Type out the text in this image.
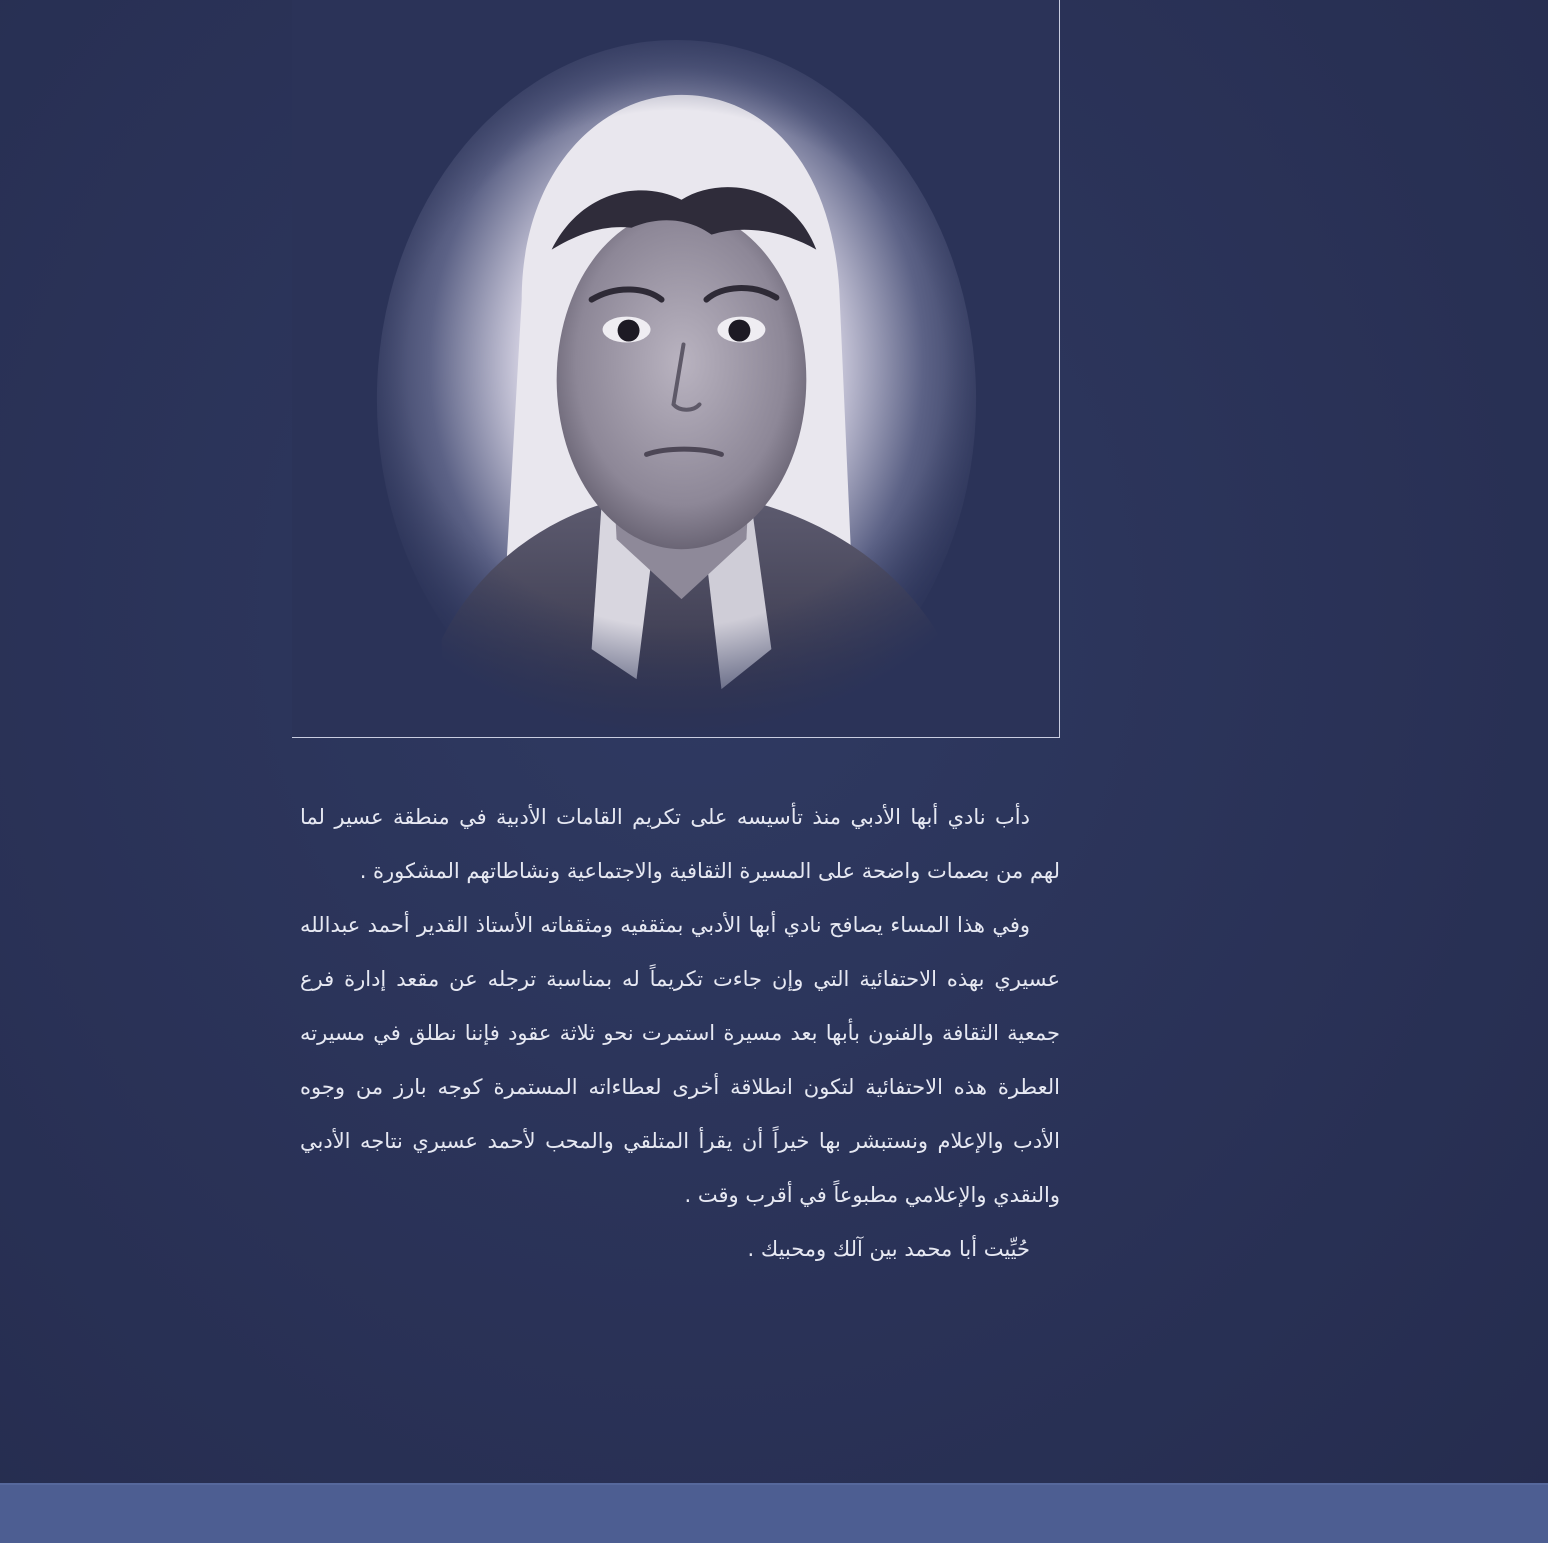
دأب نادي أبها الأدبي منذ تأسيسه على تكريم القامات الأدبية في منطقة عسير لما لهم من بصمات واضحة على المسيرة الثقافية والاجتماعية ونشاطاتهم المشكورة .

وفي هذا المساء يصافح نادي أبها الأدبي بمثقفيه ومثقفاته الأستاذ القدير أحمد عبدالله عسيري بهذه الاحتفائية التي وإن جاءت تكريماً له بمناسبة ترجله عن مقعد إدارة فرع جمعية الثقافة والفنون بأبها بعد مسيرة استمرت نحو ثلاثة عقود فإننا نطلق في مسيرته العطرة هذه الاحتفائية لتكون انطلاقة أخرى لعطاءاته المستمرة كوجه بارز من وجوه الأدب والإعلام ونستبشر بها خيراً أن يقرأ المتلقي والمحب لأحمد عسيري نتاجه الأدبي والنقدي والإعلامي مطبوعاً في أقرب وقت .

حُيِّيت أبا محمد بين آلك ومحبيك .
